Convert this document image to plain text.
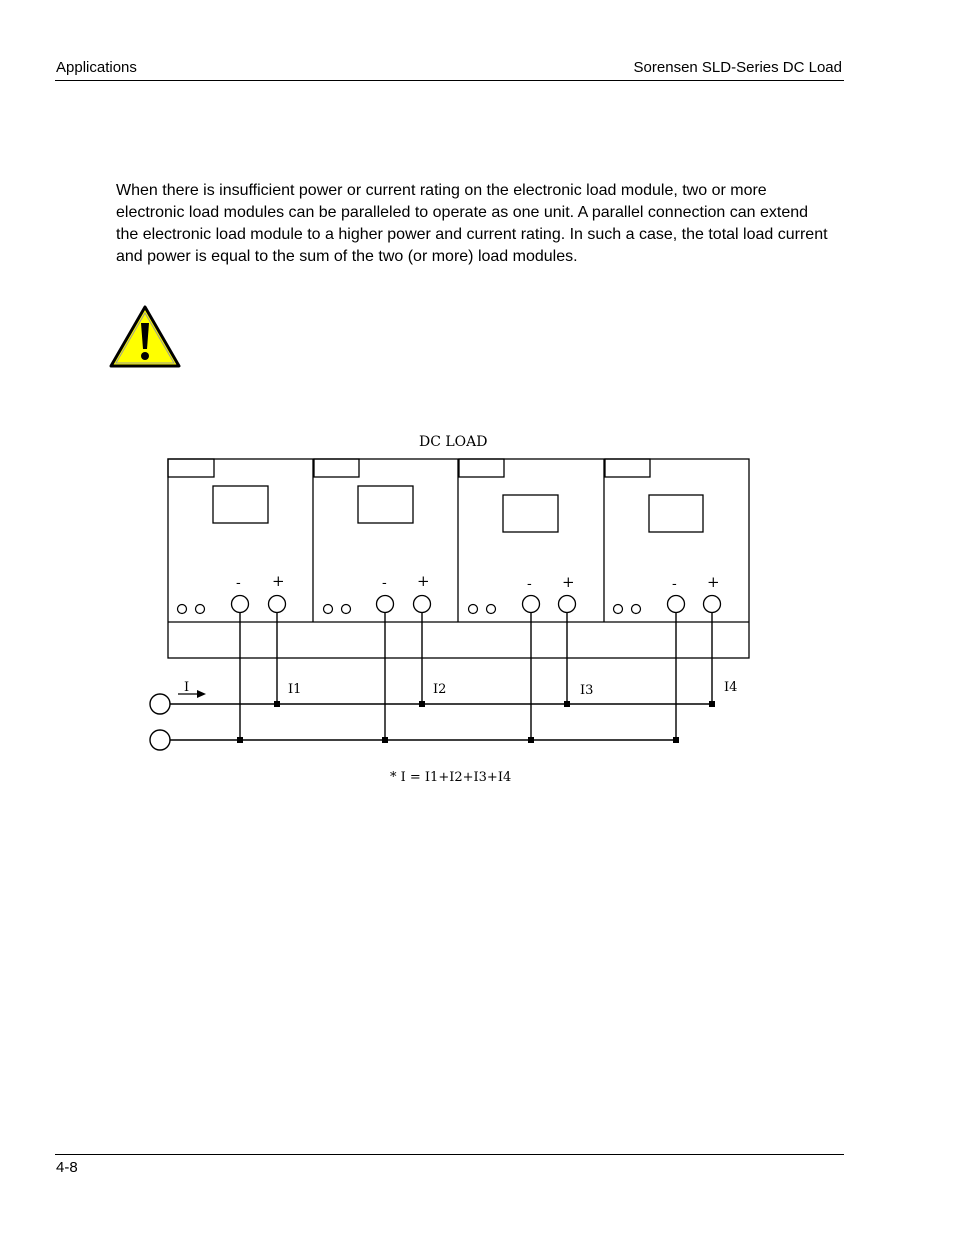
Applications	Sorensen SLD-Series DC Load

When there is insufficient power or current rating on the electronic load module, two or more electronic load modules can be paralleled to operate as one unit. A parallel connection can extend the electronic load module to a higher power and current rating. In such a case, the total load current and power is equal to the sum of the two (or more) load modules.

DC LOAD
- +	- +	- +	- +
I	I1	I2	I3	I4
* I = I1+I2+I3+I4
4-8
